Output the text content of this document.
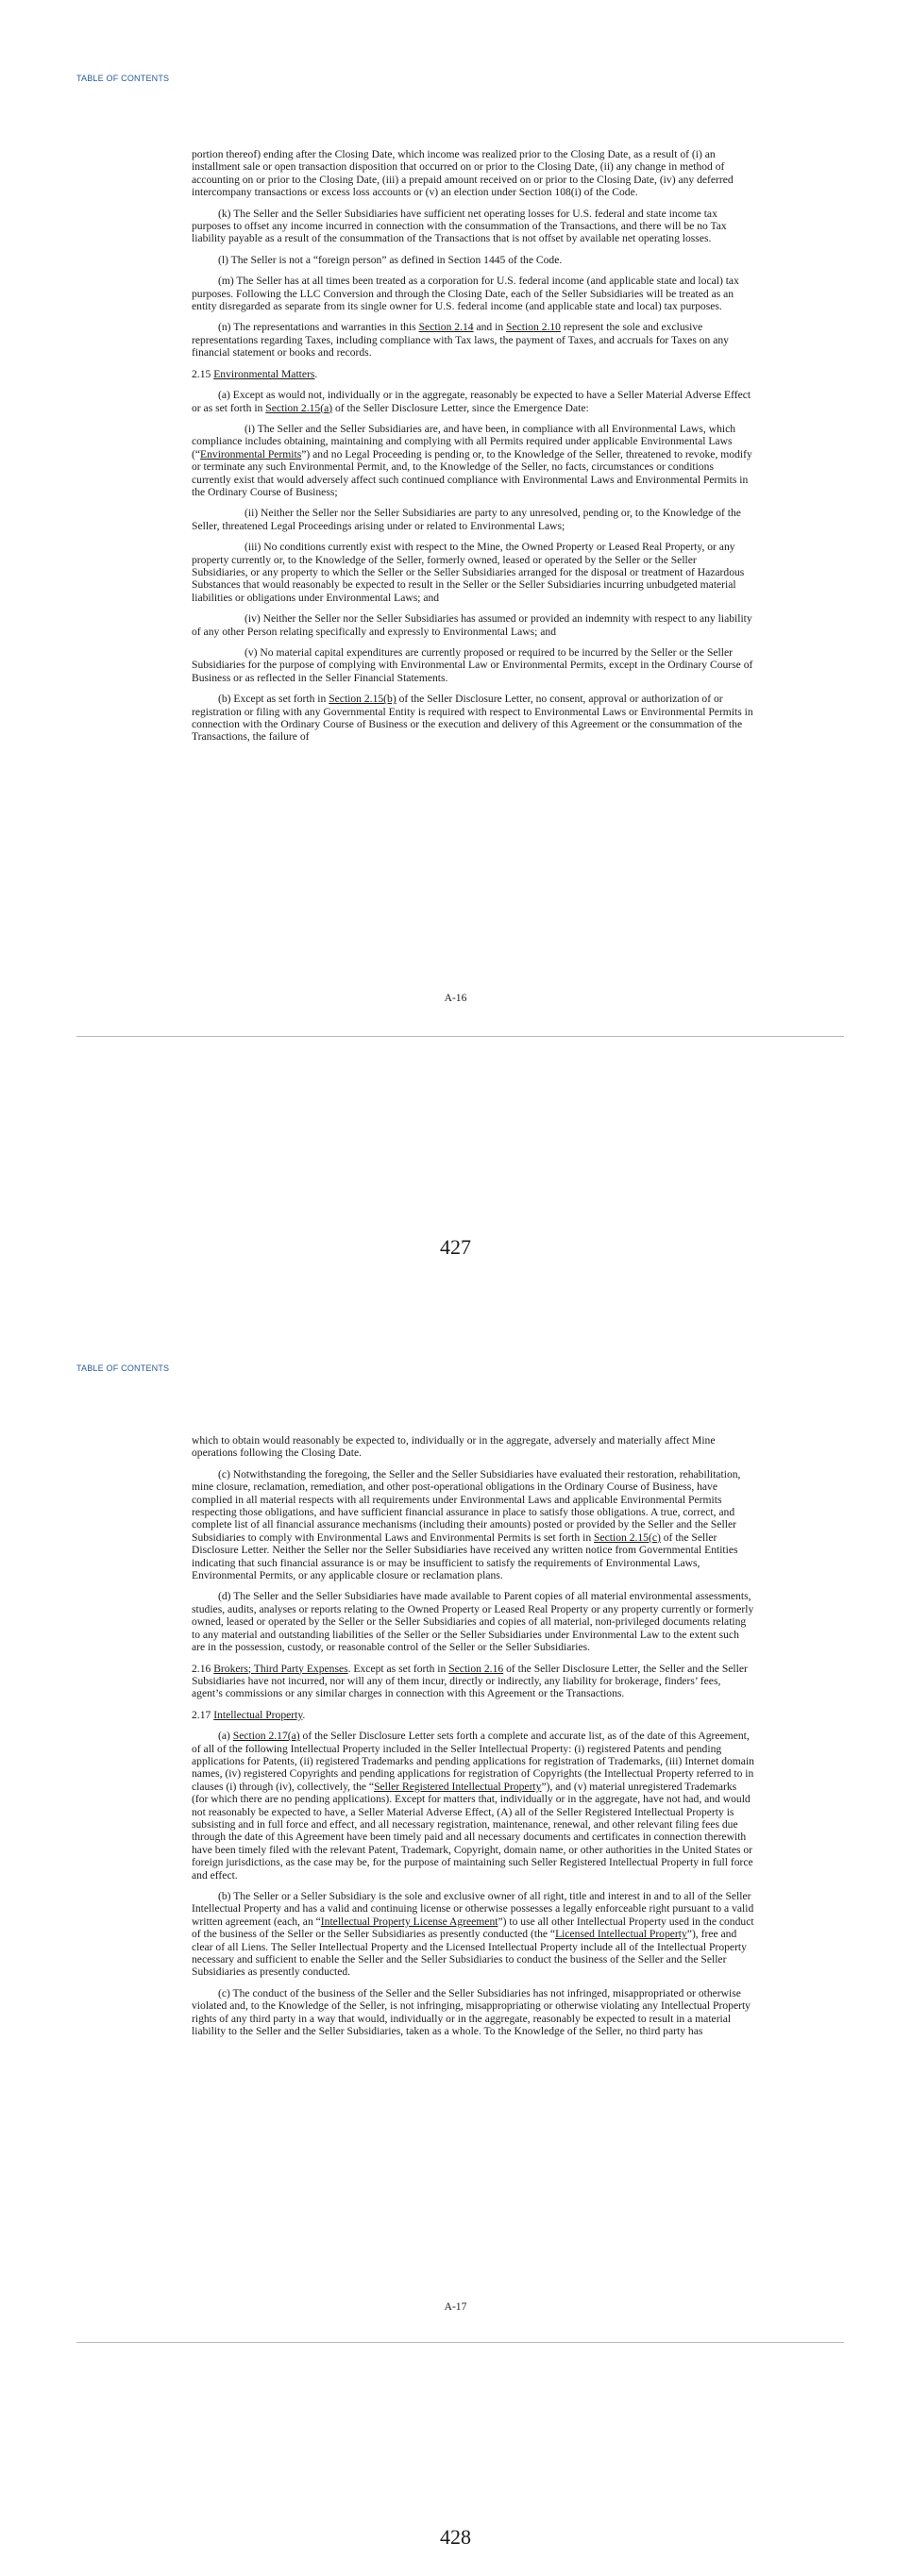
TABLE OF CONTENTS

portion thereof) ending after the Closing Date, which income was realized prior to the Closing Date, as a result of (i) an installment sale or open transaction disposition that occurred on or prior to the Closing Date, (ii) any change in method of accounting on or prior to the Closing Date, (iii) a prepaid amount received on or prior to the Closing Date, (iv) any deferred intercompany transactions or excess loss accounts or (v) an election under Section 108(i) of the Code.

(k) The Seller and the Seller Subsidiaries have sufficient net operating losses for U.S. federal and state income tax purposes to offset any income incurred in connection with the consummation of the Transactions, and there will be no Tax liability payable as a result of the consummation of the Transactions that is not offset by available net operating losses.

(l) The Seller is not a “foreign person” as defined in Section 1445 of the Code.

(m) The Seller has at all times been treated as a corporation for U.S. federal income (and applicable state and local) tax purposes. Following the LLC Conversion and through the Closing Date, each of the Seller Subsidiaries will be treated as an entity disregarded as separate from its single owner for U.S. federal income (and applicable state and local) tax purposes.

(n) The representations and warranties in this Section 2.14 and in Section 2.10 represent the sole and exclusive representations regarding Taxes, including compliance with Tax laws, the payment of Taxes, and accruals for Taxes on any financial statement or books and records.

2.15 Environmental Matters.

(a) Except as would not, individually or in the aggregate, reasonably be expected to have a Seller Material Adverse Effect or as set forth in Section 2.15(a) of the Seller Disclosure Letter, since the Emergence Date:

(i) The Seller and the Seller Subsidiaries are, and have been, in compliance with all Environmental Laws, which compliance includes obtaining, maintaining and complying with all Permits required under applicable Environmental Laws (“Environmental Permits”) and no Legal Proceeding is pending or, to the Knowledge of the Seller, threatened to revoke, modify or terminate any such Environmental Permit, and, to the Knowledge of the Seller, no facts, circumstances or conditions currently exist that would adversely affect such continued compliance with Environmental Laws and Environmental Permits in the Ordinary Course of Business;

(ii) Neither the Seller nor the Seller Subsidiaries are party to any unresolved, pending or, to the Knowledge of the Seller, threatened Legal Proceedings arising under or related to Environmental Laws;

(iii) No conditions currently exist with respect to the Mine, the Owned Property or Leased Real Property, or any property currently or, to the Knowledge of the Seller, formerly owned, leased or operated by the Seller or the Seller Subsidiaries, or any property to which the Seller or the Seller Subsidiaries arranged for the disposal or treatment of Hazardous Substances that would reasonably be expected to result in the Seller or the Seller Subsidiaries incurring unbudgeted material liabilities or obligations under Environmental Laws; and

(iv) Neither the Seller nor the Seller Subsidiaries has assumed or provided an indemnity with respect to any liability of any other Person relating specifically and expressly to Environmental Laws; and

(v) No material capital expenditures are currently proposed or required to be incurred by the Seller or the Seller Subsidiaries for the purpose of complying with Environmental Law or Environmental Permits, except in the Ordinary Course of Business or as reflected in the Seller Financial Statements.

(b) Except as set forth in Section 2.15(b) of the Seller Disclosure Letter, no consent, approval or authorization of or registration or filing with any Governmental Entity is required with respect to Environmental Laws or Environmental Permits in connection with the Ordinary Course of Business or the execution and delivery of this Agreement or the consummation of the Transactions, the failure of

A-16
427
TABLE OF CONTENTS

which to obtain would reasonably be expected to, individually or in the aggregate, adversely and materially affect Mine operations following the Closing Date.

(c) Notwithstanding the foregoing, the Seller and the Seller Subsidiaries have evaluated their restoration, rehabilitation, mine closure, reclamation, remediation, and other post-operational obligations in the Ordinary Course of Business, have complied in all material respects with all requirements under Environmental Laws and applicable Environmental Permits respecting those obligations, and have sufficient financial assurance in place to satisfy those obligations. A true, correct, and complete list of all financial assurance mechanisms (including their amounts) posted or provided by the Seller and the Seller Subsidiaries to comply with Environmental Laws and Environmental Permits is set forth in Section 2.15(c) of the Seller Disclosure Letter. Neither the Seller nor the Seller Subsidiaries have received any written notice from Governmental Entities indicating that such financial assurance is or may be insufficient to satisfy the requirements of Environmental Laws, Environmental Permits, or any applicable closure or reclamation plans.

(d) The Seller and the Seller Subsidiaries have made available to Parent copies of all material environmental assessments, studies, audits, analyses or reports relating to the Owned Property or Leased Real Property or any property currently or formerly owned, leased or operated by the Seller or the Seller Subsidiaries and copies of all material, non-privileged documents relating to any material and outstanding liabilities of the Seller or the Seller Subsidiaries under Environmental Law to the extent such are in the possession, custody, or reasonable control of the Seller or the Seller Subsidiaries.

2.16 Brokers; Third Party Expenses. Except as set forth in Section 2.16 of the Seller Disclosure Letter, the Seller and the Seller Subsidiaries have not incurred, nor will any of them incur, directly or indirectly, any liability for brokerage, finders’ fees, agent’s commissions or any similar charges in connection with this Agreement or the Transactions.

2.17 Intellectual Property.

(a) Section 2.17(a) of the Seller Disclosure Letter sets forth a complete and accurate list, as of the date of this Agreement, of all of the following Intellectual Property included in the Seller Intellectual Property: (i) registered Patents and pending applications for Patents, (ii) registered Trademarks and pending applications for registration of Trademarks, (iii) Internet domain names, (iv) registered Copyrights and pending applications for registration of Copyrights (the Intellectual Property referred to in clauses (i) through (iv), collectively, the “Seller Registered Intellectual Property”), and (v) material unregistered Trademarks (for which there are no pending applications). Except for matters that, individually or in the aggregate, have not had, and would not reasonably be expected to have, a Seller Material Adverse Effect, (A) all of the Seller Registered Intellectual Property is subsisting and in full force and effect, and all necessary registration, maintenance, renewal, and other relevant filing fees due through the date of this Agreement have been timely paid and all necessary documents and certificates in connection therewith have been timely filed with the relevant Patent, Trademark, Copyright, domain name, or other authorities in the United States or foreign jurisdictions, as the case may be, for the purpose of maintaining such Seller Registered Intellectual Property in full force and effect.

(b) The Seller or a Seller Subsidiary is the sole and exclusive owner of all right, title and interest in and to all of the Seller Intellectual Property and has a valid and continuing license or otherwise possesses a legally enforceable right pursuant to a valid written agreement (each, an “Intellectual Property License Agreement”) to use all other Intellectual Property used in the conduct of the business of the Seller or the Seller Subsidiaries as presently conducted (the “Licensed Intellectual Property”), free and clear of all Liens. The Seller Intellectual Property and the Licensed Intellectual Property include all of the Intellectual Property necessary and sufficient to enable the Seller and the Seller Subsidiaries to conduct the business of the Seller and the Seller Subsidiaries as presently conducted.

(c) The conduct of the business of the Seller and the Seller Subsidiaries has not infringed, misappropriated or otherwise violated and, to the Knowledge of the Seller, is not infringing, misappropriating or otherwise violating any Intellectual Property rights of any third party in a way that would, individually or in the aggregate, reasonably be expected to result in a material liability to the Seller and the Seller Subsidiaries, taken as a whole. To the Knowledge of the Seller, no third party has

A-17
428
